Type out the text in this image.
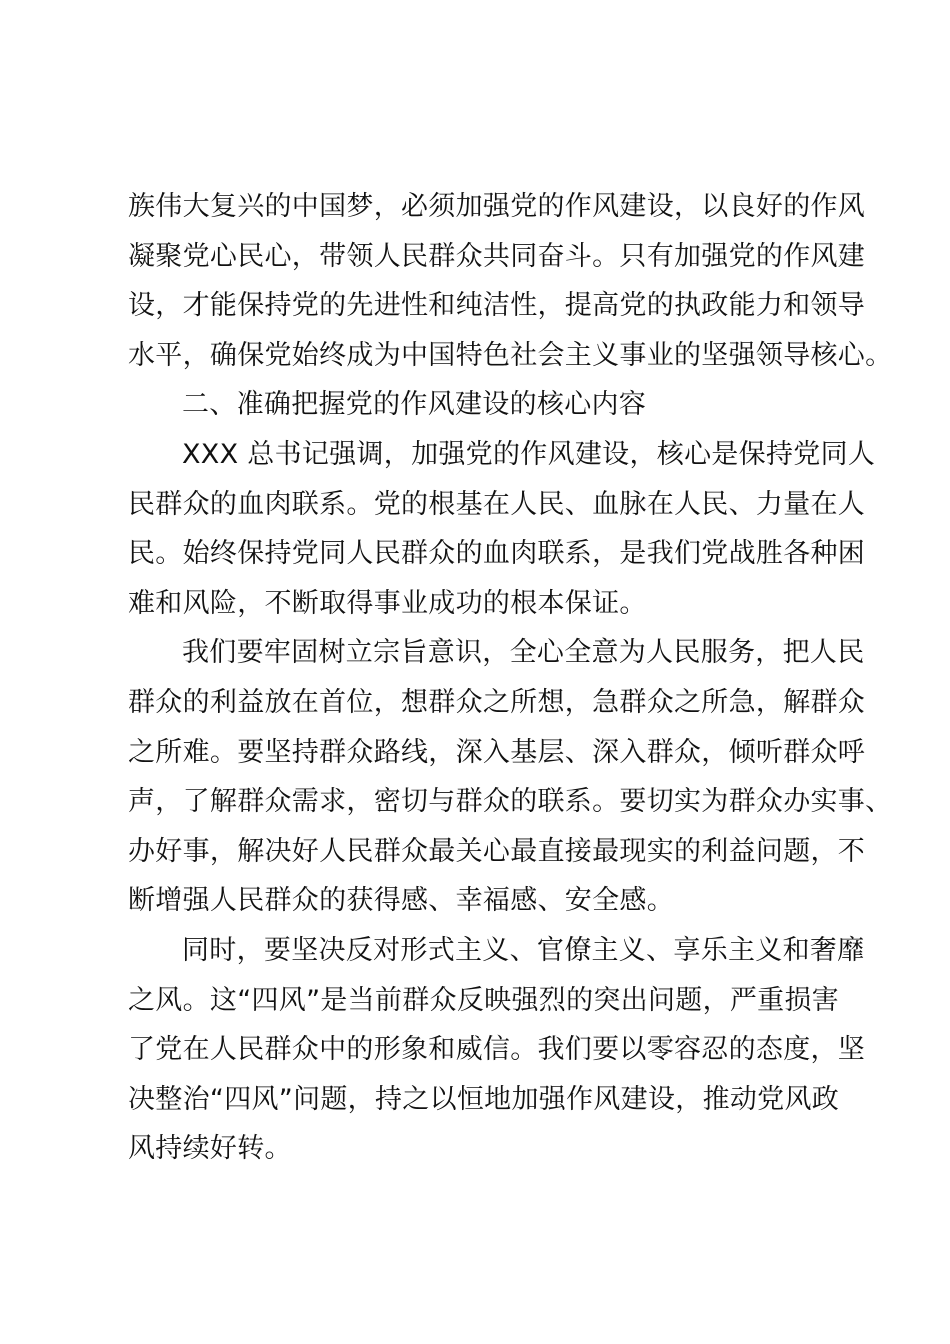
族伟大复兴的中国梦，必须加强党的作风建设，以良好的作风
凝聚党心民心，带领人民群众共同奋斗。只有加强党的作风建
设，才能保持党的先进性和纯洁性，提高党的执政能力和领导
水平，确保党始终成为中国特色社会主义事业的坚强领导核心。
二、准确把握党的作风建设的核心内容
XXX 总书记强调，加强党的作风建设，核心是保持党同人
民群众的血肉联系。党的根基在人民、血脉在人民、力量在人
民。始终保持党同人民群众的血肉联系，是我们党战胜各种困
难和风险，不断取得事业成功的根本保证。
我们要牢固树立宗旨意识，全心全意为人民服务，把人民
群众的利益放在首位，想群众之所想，急群众之所急，解群众
之所难。要坚持群众路线，深入基层、深入群众，倾听群众呼
声，了解群众需求，密切与群众的联系。要切实为群众办实事、
办好事，解决好人民群众最关心最直接最现实的利益问题，不
断增强人民群众的获得感、幸福感、安全感。
同时，要坚决反对形式主义、官僚主义、享乐主义和奢靡
之风。这“四风”是当前群众反映强烈的突出问题，严重损害
了党在人民群众中的形象和威信。我们要以零容忍的态度，坚
决整治“四风”问题，持之以恒地加强作风建设，推动党风政
风持续好转。
